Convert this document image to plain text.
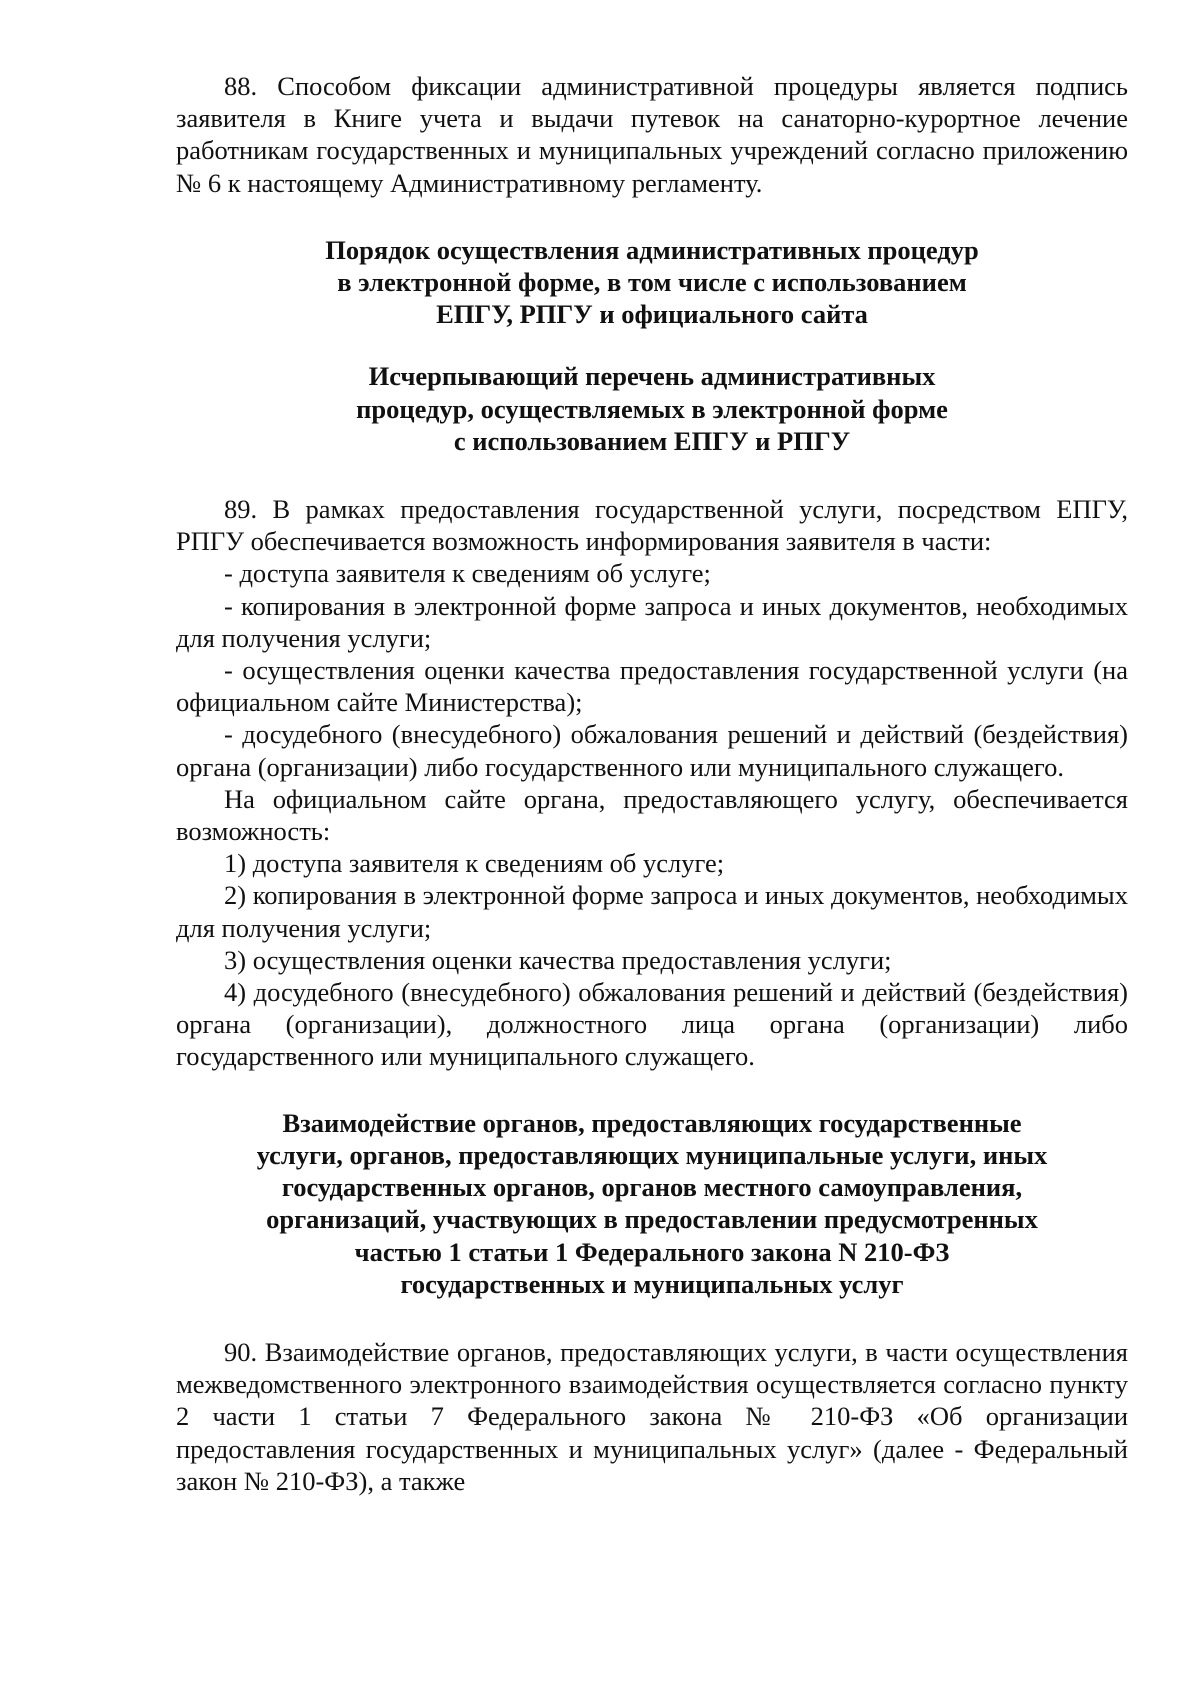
88. Способом фиксации административной процедуры является подпись заявителя в Книге учета и выдачи путевок на санаторно-курортное лечение работникам государственных и муниципальных учреждений согласно приложению № 6 к настоящему Административному регламенту.

Порядок осуществления административных процедур
в электронной форме, в том числе с использованием
ЕПГУ, РПГУ и официального сайта
Исчерпывающий перечень административных
процедур, осуществляемых в электронной форме
с использованием ЕПГУ и РПГУ

89. В рамках предоставления государственной услуги, посредством ЕПГУ, РПГУ обеспечивается возможность информирования заявителя в части:

- доступа заявителя к сведениям об услуге;

- копирования в электронной форме запроса и иных документов, необходимых для получения услуги;

- осуществления оценки качества предоставления государственной услуги (на официальном сайте Министерства);

- досудебного (внесудебного) обжалования решений и действий (бездействия) органа (организации) либо государственного или муниципального служащего.

На официальном сайте органа, предоставляющего услугу, обеспечивается возможность:

1) доступа заявителя к сведениям об услуге;

2) копирования в электронной форме запроса и иных документов, необходимых для получения услуги;

3) осуществления оценки качества предоставления услуги;

4) досудебного (внесудебного) обжалования решений и действий (бездействия) органа (организации), должностного лица органа (организации) либо государственного или муниципального служащего.

Взаимодействие органов, предоставляющих государственные
услуги, органов, предоставляющих муниципальные услуги, иных
государственных органов, органов местного самоуправления,
организаций, участвующих в предоставлении предусмотренных
частью 1 статьи 1 Федерального закона N 210-ФЗ
государственных и муниципальных услуг

90. Взаимодействие органов, предоставляющих услуги, в части осуществления межведомственного электронного взаимодействия осуществляется согласно пункту 2 части 1 статьи 7 Федерального закона № 210-ФЗ «Об организации предоставления государственных и муниципальных услуг» (далее - Федеральный закон № 210-ФЗ), а также
